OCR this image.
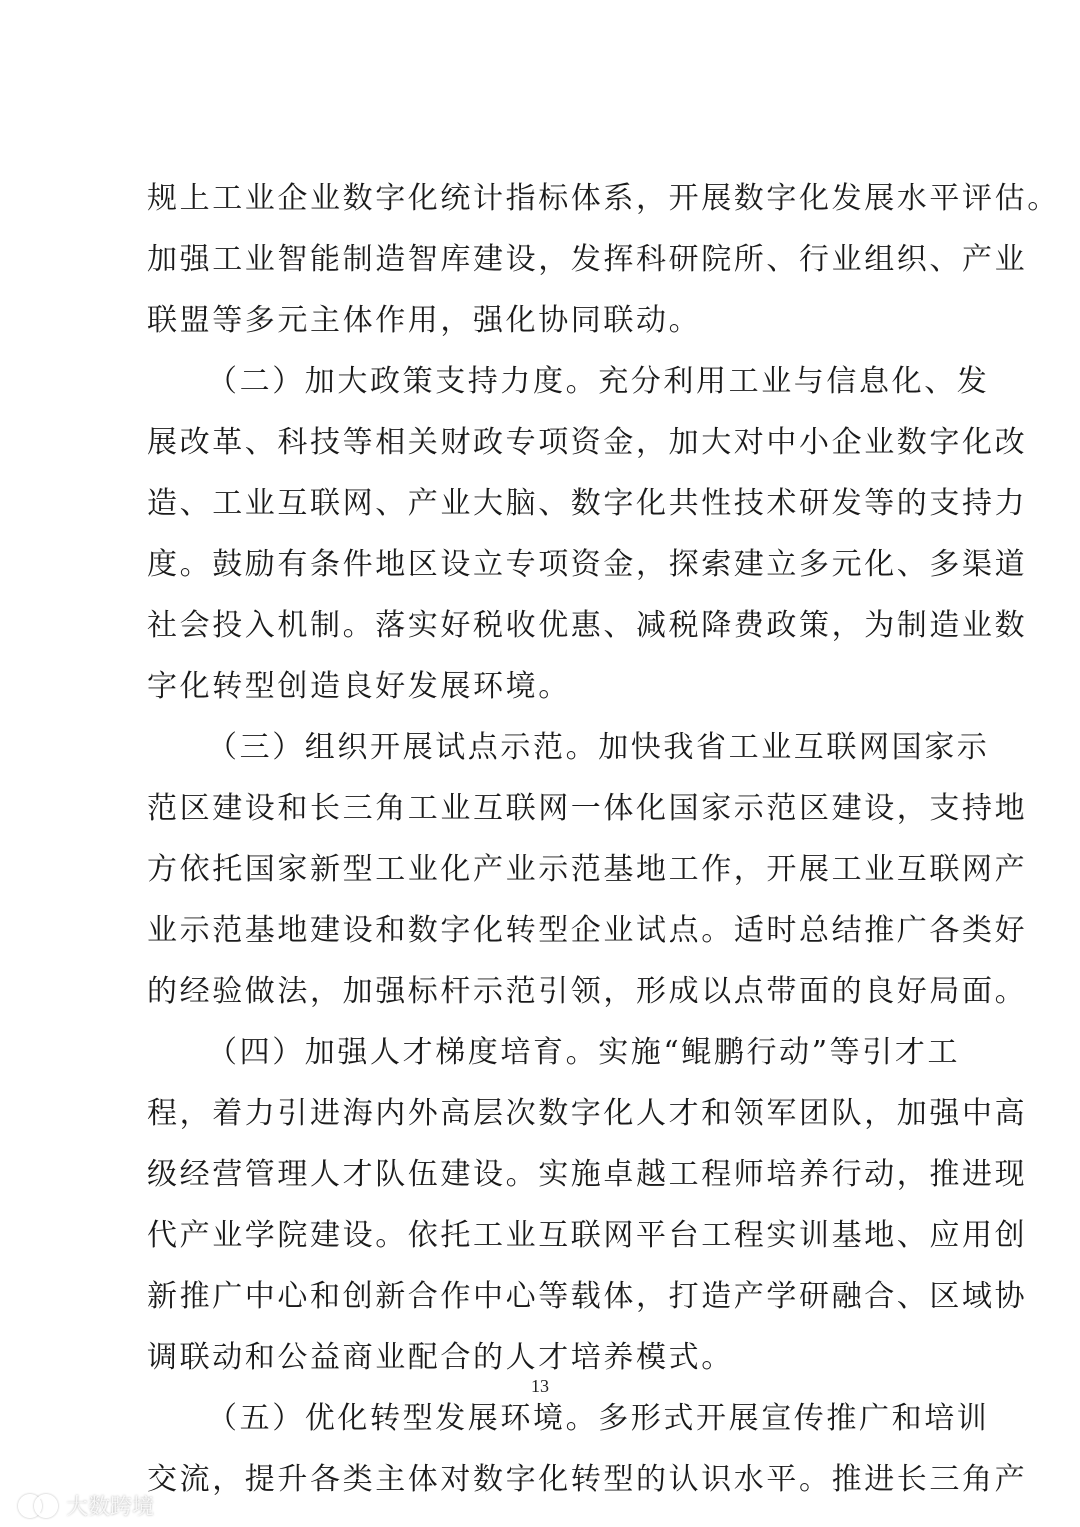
规上工业企业数字化统计指标体系，开展数字化发展水平评估。
加强工业智能制造智库建设，发挥科研院所、行业组织、产业
联盟等多元主体作用，强化协同联动。
（二）加大政策支持力度。充分利用工业与信息化、发
展改革、科技等相关财政专项资金，加大对中小企业数字化改
造、工业互联网、产业大脑、数字化共性技术研发等的支持力
度。鼓励有条件地区设立专项资金，探索建立多元化、多渠道
社会投入机制。落实好税收优惠、减税降费政策，为制造业数
字化转型创造良好发展环境。
（三）组织开展试点示范。加快我省工业互联网国家示
范区建设和长三角工业互联网一体化国家示范区建设，支持地
方依托国家新型工业化产业示范基地工作，开展工业互联网产
业示范基地建设和数字化转型企业试点。适时总结推广各类好
的经验做法，加强标杆示范引领，形成以点带面的良好局面。
（四）加强人才梯度培育。实施“鲲鹏行动”等引才工
程，着力引进海内外高层次数字化人才和领军团队，加强中高
级经营管理人才队伍建设。实施卓越工程师培养行动，推进现
代产业学院建设。依托工业互联网平台工程实训基地、应用创
新推广中心和创新合作中心等载体，打造产学研融合、区域协
调联动和公益商业配合的人才培养模式。
（五）优化转型发展环境。多形式开展宣传推广和培训
交流，提升各类主体对数字化转型的认识水平。推进长三角产
13
大数跨境
